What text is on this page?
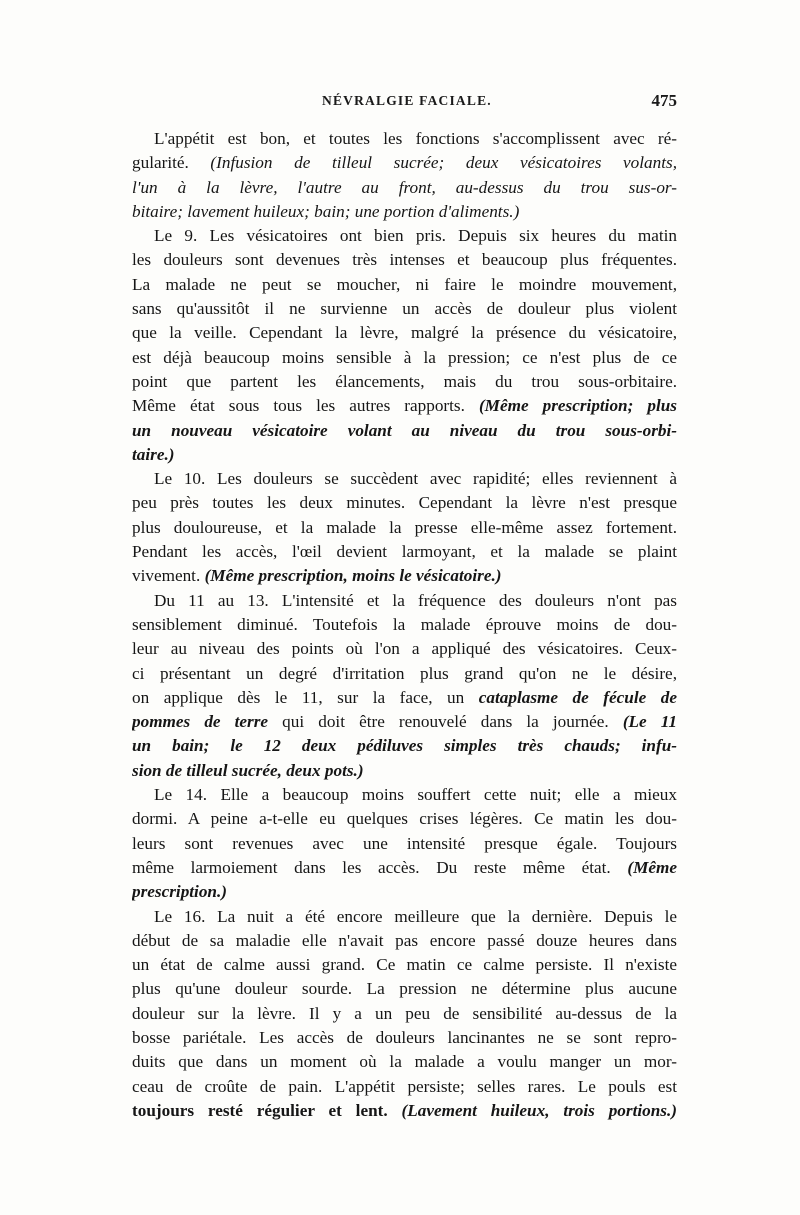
NÉVRALGIE FACIALE.	475
L'appétit est bon, et toutes les fonctions s'accomplissent avec ré-
gularité. (Infusion de tilleul sucrée; deux vésicatoires volants,
l'un à la lèvre, l'autre au front, au-dessus du trou sus-or-
bitaire; lavement huileux; bain; une portion d'aliments.)
Le 9. Les vésicatoires ont bien pris. Depuis six heures du matin
les douleurs sont devenues très intenses et beaucoup plus fréquentes.
La malade ne peut se moucher, ni faire le moindre mouvement,
sans qu'aussitôt il ne survienne un accès de douleur plus violent
que la veille. Cependant la lèvre, malgré la présence du vésicatoire,
est déjà beaucoup moins sensible à la pression; ce n'est plus de ce
point que partent les élancements, mais du trou sous-orbitaire.
Même état sous tous les autres rapports. (Même prescription; plus
un nouveau vésicatoire volant au niveau du trou sous-orbi-
taire.)
Le 10. Les douleurs se succèdent avec rapidité; elles reviennent à
peu près toutes les deux minutes. Cependant la lèvre n'est presque
plus douloureuse, et la malade la presse elle-même assez fortement.
Pendant les accès, l'œil devient larmoyant, et la malade se plaint
vivement. (Même prescription, moins le vésicatoire.)
Du 11 au 13. L'intensité et la fréquence des douleurs n'ont pas
sensiblement diminué. Toutefois la malade éprouve moins de dou-
leur au niveau des points où l'on a appliqué des vésicatoires. Ceux-
ci présentant un degré d'irritation plus grand qu'on ne le désire,
on applique dès le 11, sur la face, un cataplasme de fécule de
pommes de terre qui doit être renouvelé dans la journée. (Le 11
un bain; le 12 deux pédiluves simples très chauds; infu-
sion de tilleul sucrée, deux pots.)
Le 14. Elle a beaucoup moins souffert cette nuit; elle a mieux
dormi. A peine a-t-elle eu quelques crises légères. Ce matin les dou-
leurs sont revenues avec une intensité presque égale. Toujours
même larmoiement dans les accès. Du reste même état. (Même
prescription.)
Le 16. La nuit a été encore meilleure que la dernière. Depuis le
début de sa maladie elle n'avait pas encore passé douze heures dans
un état de calme aussi grand. Ce matin ce calme persiste. Il n'existe
plus qu'une douleur sourde. La pression ne détermine plus aucune
douleur sur la lèvre. Il y a un peu de sensibilité au-dessus de la
bosse pariétale. Les accès de douleurs lancinantes ne se sont repro-
duits que dans un moment où la malade a voulu manger un mor-
ceau de croûte de pain. L'appétit persiste; selles rares. Le pouls est
toujours resté régulier et lent. (Lavement huileux, trois portions.)
